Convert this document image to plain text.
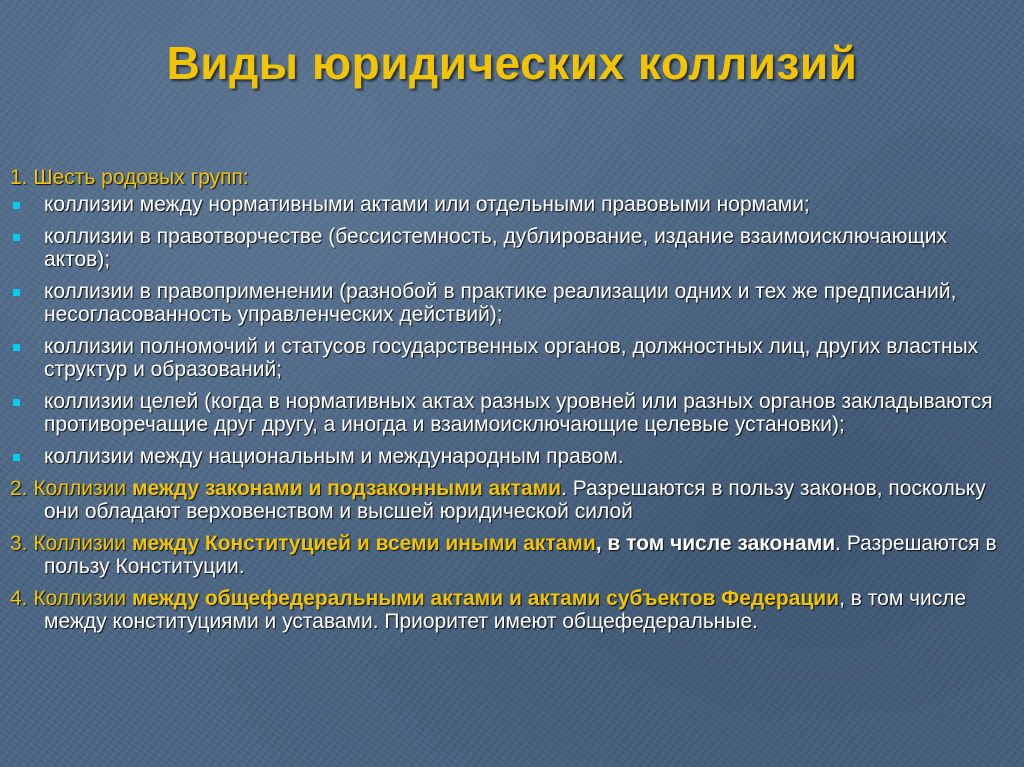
Виды юридических коллизий
1. Шесть родовых групп:
коллизии между нормативными актами или отдельными правовыми нормами;
коллизии в правотворчестве (бессистемность, дублирование, издание взаимоисключающих актов);
коллизии в правоприменении (разнобой в практике реализации одних и тех же предписаний, несогласованность управленческих действий);
коллизии полномочий и статусов государственных органов, должностных лиц, других властных структур и образований;
коллизии целей (когда в нормативных актах разных уровней или разных органов закладываются противоречащие друг другу, а иногда и взаимоисключающие целевые установки);
коллизии между национальным и международным правом.
2. Коллизии между законами и подзаконными актами. Разрешаются в пользу законов, поскольку они обладают верховенством и высшей юридической силой
3. Коллизии между Конституцией и всеми иными актами, в том числе законами. Разрешаются в пользу Конституции.
4. Коллизии между общефедеральными актами и актами субъектов Федерации, в том числе между конституциями и уставами. Приоритет имеют общефедеральные.
